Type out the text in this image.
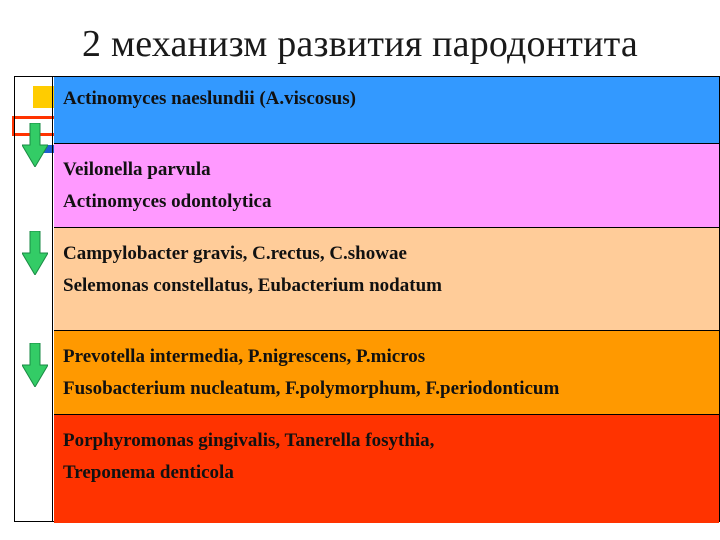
2 механизм развития пародонтита
Actinomyces naeslundii (A.viscosus)
Veilonella parvula
Actinomyces odontolytica
Campylobacter gravis, C.rectus, C.showae
Selemonas constellatus, Eubacterium nodatum
Prevotella intermedia, P.nigrescens, P.micros
Fusobacterium nucleatum, F.polymorphum, F.periodonticum
Porphyromonas gingivalis, Tanerella fosythia,
Treponema denticola
